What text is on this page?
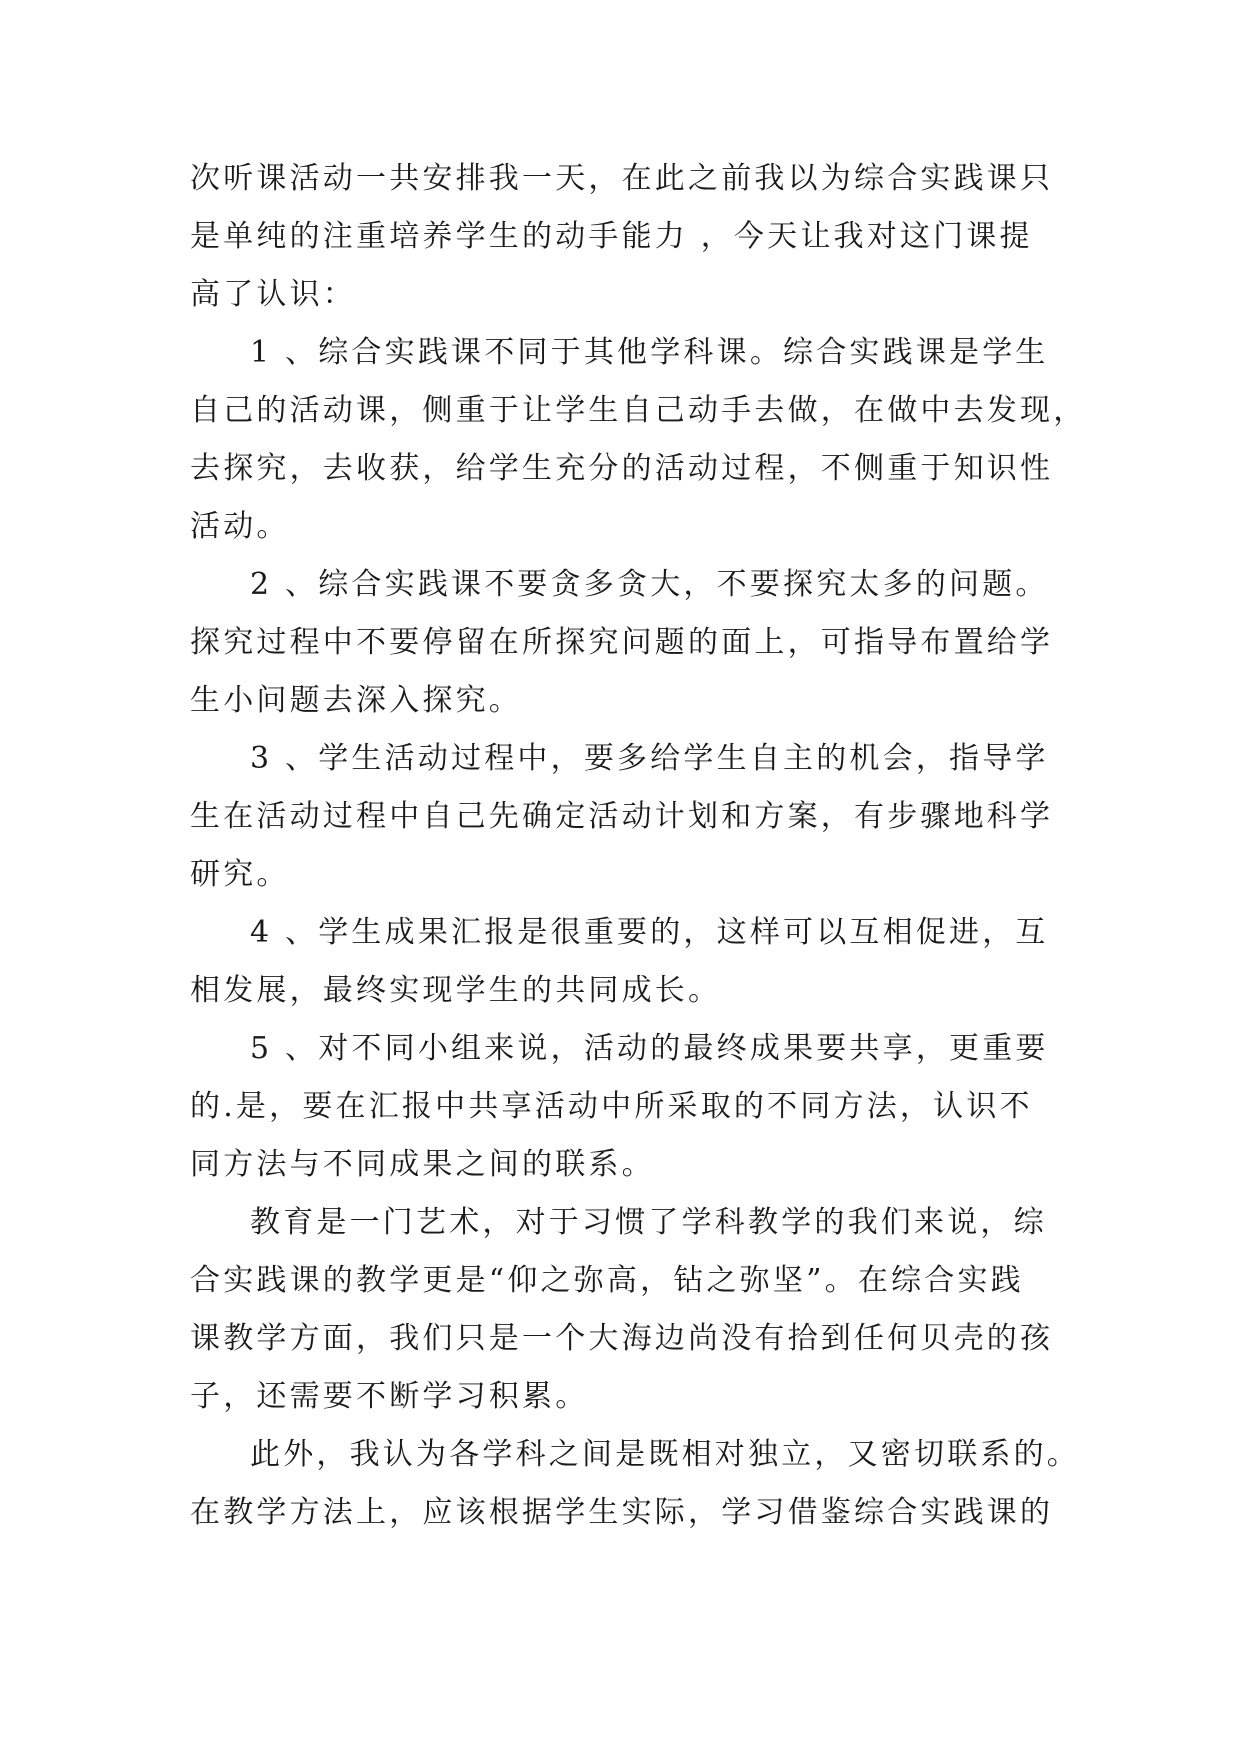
次听课活动一共安排我一天，在此之前我以为综合实践课只
是单纯的注重培养学生的动手能力 ，今天让我对这门课提
高了认识：
1 、综合实践课不同于其他学科课。综合实践课是学生
自己的活动课，侧重于让学生自己动手去做，在做中去发现，
去探究，去收获，给学生充分的活动过程，不侧重于知识性
活动。
2 、综合实践课不要贪多贪大，不要探究太多的问题。
探究过程中不要停留在所探究问题的面上，可指导布置给学
生小问题去深入探究。
3 、学生活动过程中，要多给学生自主的机会，指导学
生在活动过程中自己先确定活动计划和方案，有步骤地科学
研究。
4 、学生成果汇报是很重要的，这样可以互相促进，互
相发展，最终实现学生的共同成长。
5 、对不同小组来说，活动的最终成果要共享，更重要
的.是，要在汇报中共享活动中所采取的不同方法，认识不
同方法与不同成果之间的联系。
教育是一门艺术，对于习惯了学科教学的我们来说，综
合实践课的教学更是“仰之弥高，钻之弥坚”。在综合实践
课教学方面，我们只是一个大海边尚没有拾到任何贝壳的孩
子，还需要不断学习积累。
此外，我认为各学科之间是既相对独立，又密切联系的。
在教学方法上，应该根据学生实际，学习借鉴综合实践课的
